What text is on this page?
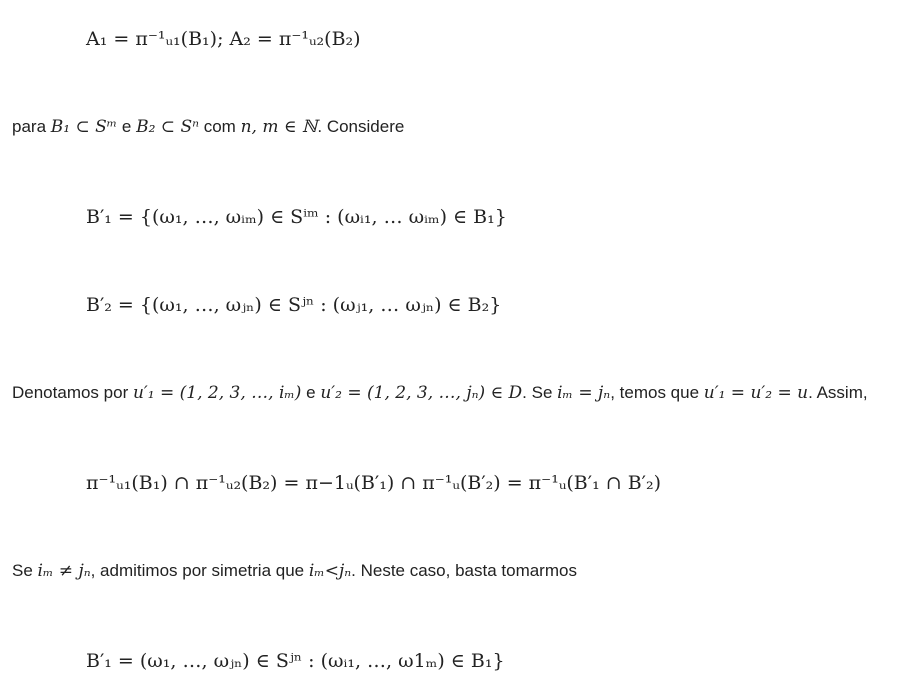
A₁ = π⁻¹ᵤ₁(B₁); A₂ = π⁻¹ᵤ₂(B₂)
para B₁ ⊂ Sᵐ e B₂ ⊂ Sⁿ com n, m ∈ ℕ. Considere
B′₁ = {(ω₁, …, ωᵢₘ) ∈ Sⁱᵐ : (ωᵢ₁, … ωᵢₘ) ∈ B₁}
B′₂ = {(ω₁, …, ωⱼₙ) ∈ Sʲⁿ : (ωⱼ₁, … ωⱼₙ) ∈ B₂}
Denotamos por u′₁ = (1, 2, 3, …, iₘ) e u′₂ = (1, 2, 3, …, jₙ) ∈ D. Se iₘ = jₙ, temos que u′₁ = u′₂ = u. Assim,
π⁻¹ᵤ₁(B₁) ∩ π⁻¹ᵤ₂(B₂) = π−1ᵤ(B′₁) ∩ π⁻¹ᵤ(B′₂) = π⁻¹ᵤ(B′₁ ∩ B′₂)
Se iₘ ≠ jₙ, admitimos por simetria que iₘ<jₙ. Neste caso, basta tomarmos
B′₁ = (ω₁, …, ωⱼₙ) ∈ Sʲⁿ : (ωᵢ₁, …, ω1ₘ) ∈ B₁}
